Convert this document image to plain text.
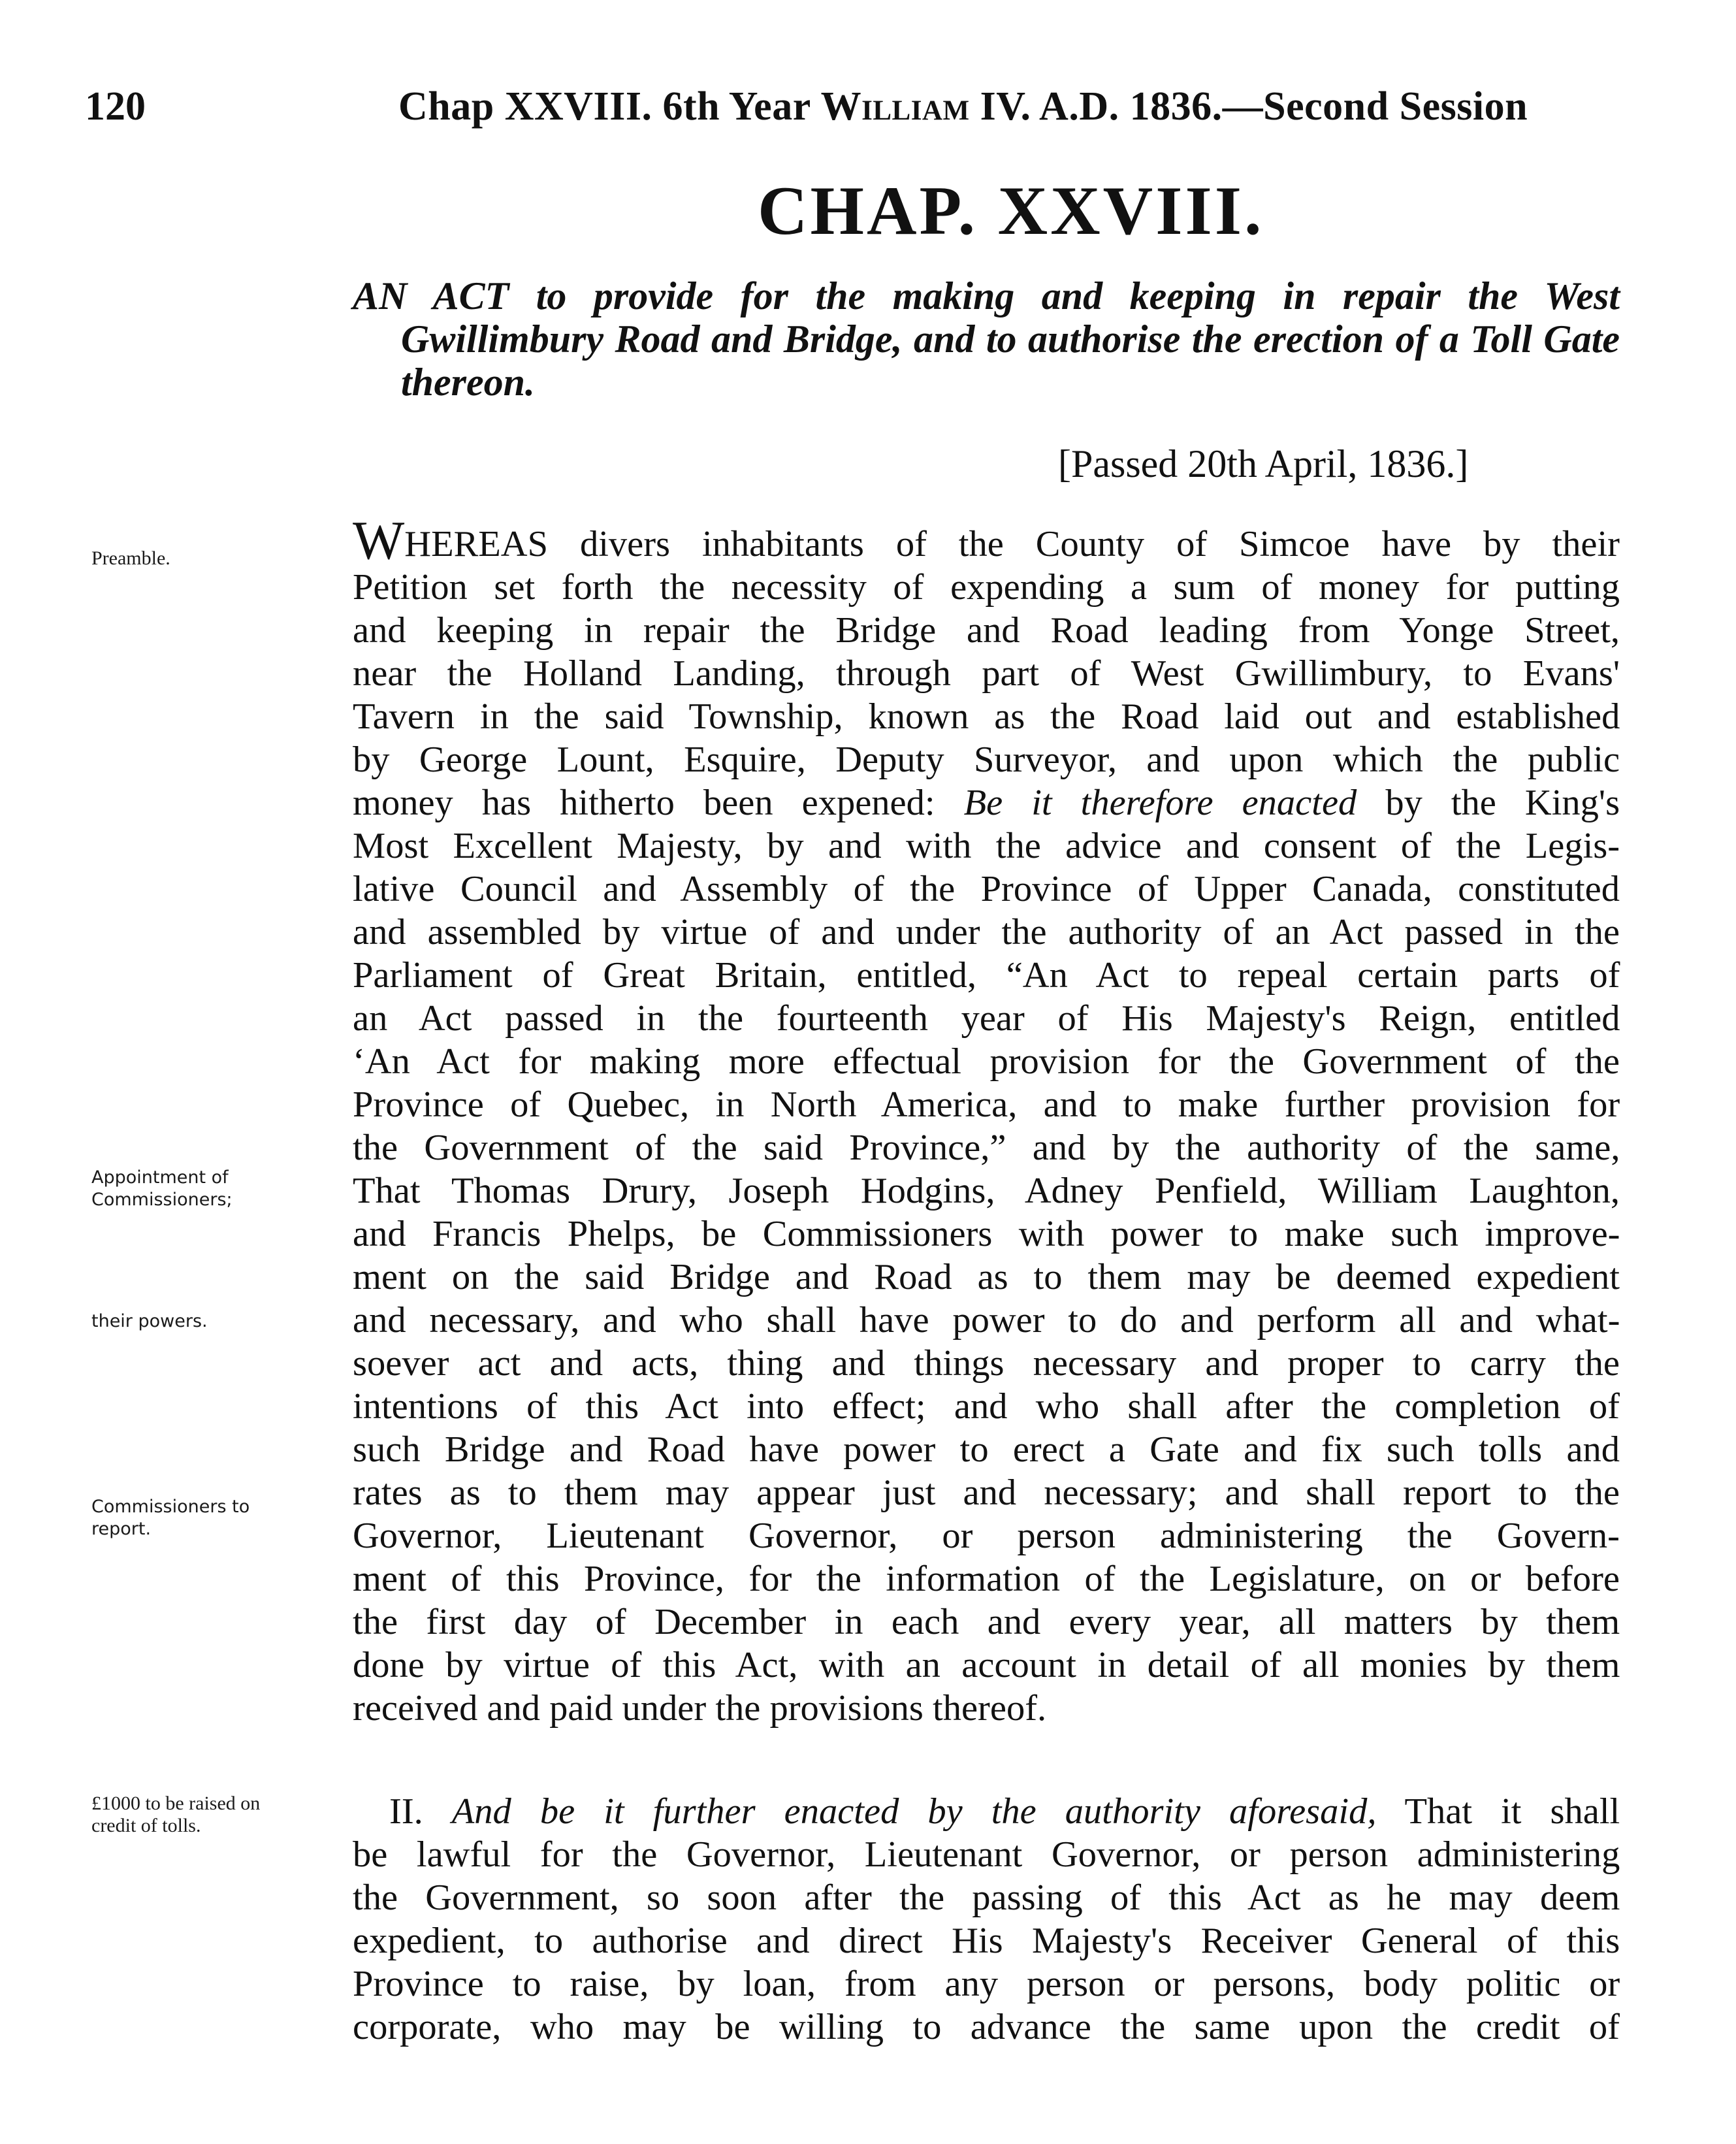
120	Chap XXVIII. 6th Year William IV. A.D. 1836.—Second Session
CHAP. XXVIII.
AN ACT to provide for the making and keeping in repair the West Gwillimbury Road and Bridge, and to authorise the erection of a Toll Gate thereon.
[Passed 20th April, 1836.]
Preamble.
Appointment of
Commissioners;
their powers.
Commissioners to
report.
£1000 to be raised on
credit of tolls.
WHEREAS divers inhabitants of the County of Simcoe have by their
Petition set forth the necessity of expending a sum of money for putting
and keeping in repair the Bridge and Road leading from Yonge Street,
near the Holland Landing, through part of West Gwillimbury, to Evans'
Tavern in the said Township, known as the Road laid out and established
by George Lount, Esquire, Deputy Surveyor, and upon which the public
money has hitherto been expened: Be it therefore enacted by the King's
Most Excellent Majesty, by and with the advice and consent of the Legis-
lative Council and Assembly of the Province of Upper Canada, constituted
and assembled by virtue of and under the authority of an Act passed in the
Parliament of Great Britain, entitled, “An Act to repeal certain parts of
an Act passed in the fourteenth year of His Majesty's Reign, entitled
‘An Act for making more effectual provision for the Government of the
Province of Quebec, in North America, and to make further provision for
the Government of the said Province,” and by the authority of the same,
That Thomas Drury, Joseph Hodgins, Adney Penfield, William Laughton,
and Francis Phelps, be Commissioners with power to make such improve-
ment on the said Bridge and Road as to them may be deemed expedient
and necessary, and who shall have power to do and perform all and what-
soever act and acts, thing and things necessary and proper to carry the
intentions of this Act into effect; and who shall after the completion of
such Bridge and Road have power to erect a Gate and fix such tolls and
rates as to them may appear just and necessary; and shall report to the
Governor, Lieutenant Governor, or person administering the Govern-
ment of this Province, for the information of the Legislature, on or before
the first day of December in each and every year, all matters by them
done by virtue of this Act, with an account in detail of all monies by them
received and paid under the provisions thereof.
II. And be it further enacted by the authority aforesaid, That it shall
be lawful for the Governor, Lieutenant Governor, or person administering
the Government, so soon after the passing of this Act as he may deem
expedient, to authorise and direct His Majesty's Receiver General of this
Province to raise, by loan, from any person or persons, body politic or
corporate, who may be willing to advance the same upon the credit of
